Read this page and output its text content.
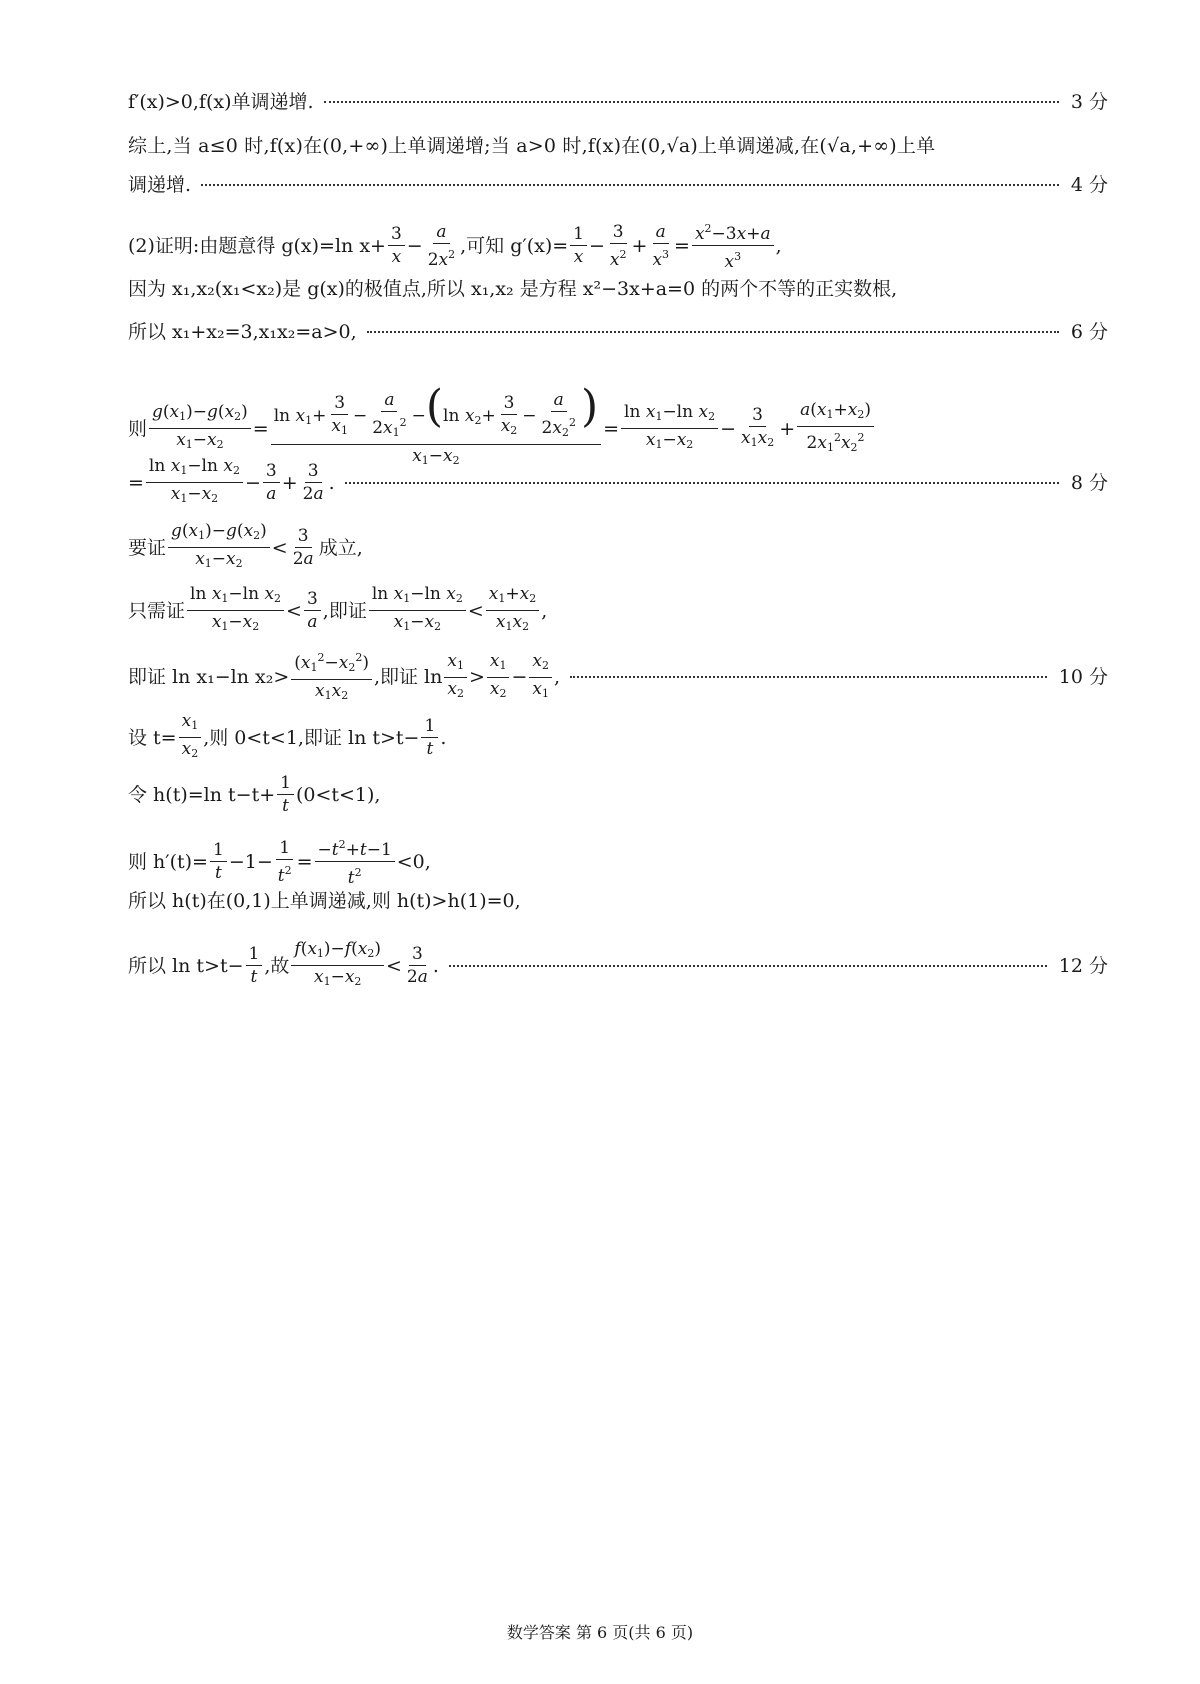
f′(x)>0,f(x)单调递增.	3 分
综上,当 a≤0 时,f(x)在(0,+∞)上单调递增;当 a>0 时,f(x)在(0,√a)上单调递减,在(√a,+∞)上单
调递增.	4 分
(2)证明:由题意得 g(x)=ln $x+ \frac{3}{x} - \frac{a}{2x^2}$ ,可知 $g'(x)= \frac{1}{x} - \frac{3}{x^2} + \frac{a}{x^3} = \frac{x^2-3x+a}{x^3}$ ,
因为 x₁,x₂(x₁<x₂)是 g(x)的极值点,所以 x₁,x₂ 是方程 x²−3x+a=0 的两个不等的正实数根,
所以 x₁+x₂=3,x₁x₂=a>0,	6 分
则 $\frac{g(x_1)-g(x_2)}{x_1-x_2} = \frac{\ln x_1+ \frac{3}{x_1} - \frac{a}{2x_1^2} -(\ln x_2+ \frac{3}{x_2} - \frac{a}{2x_2^2} )}{x_1-x_2} = \frac{\ln x_1-\ln x_2}{x_1-x_2} - \frac{3}{x_1x_2} + \frac{a(x_1+x_2)}{2x_1^2x_2^2}$
= $\frac{\ln x_1-\ln x_2}{x_1-x_2} - \frac{3}{a} + \frac{3}{2a}$ .	8 分
要证 $\frac{g(x_1)-g(x_2)}{x_1-x_2} < \frac{3}{2a}$ 成立,
只需证 $\frac{\ln x_1-\ln x_2}{x_1-x_2} < \frac{3}{a}$ ,即证 $\frac{\ln x_1-\ln x_2}{x_1-x_2} < \frac{x_1+x_2}{x_1x_2}$ ,
即证 ln x₁−ln $x_2> \frac{(x_1^2-x_2^2)}{x_1x_2}$ ,即证 $\ln \frac{x_1}{x_2} > \frac{x_1}{x_2} - \frac{x_2}{x_1}$ ,	10 分
设 $t= \frac{x_1}{x_2}$ ,则 0<t<1,即证 $\ln t>t- \frac{1}{t}$ .
令 h(t)=ln $t-t+ \frac{1}{t} (0<t<1)$,
则 $h'(t)= \frac{1}{t} -1- \frac{1}{t^2} = \frac{-t^2+t-1}{t^2} <0$,
所以 h(t)在(0,1)上单调递减,则 h(t)>h(1)=0,
所以 $\ln t>t- \frac{1}{t}$ ,故 $\frac{f(x_1)-f(x_2)}{x_1-x_2} < \frac{3}{2a}$ .	12 分
数学答案 第 6 页(共 6 页)
